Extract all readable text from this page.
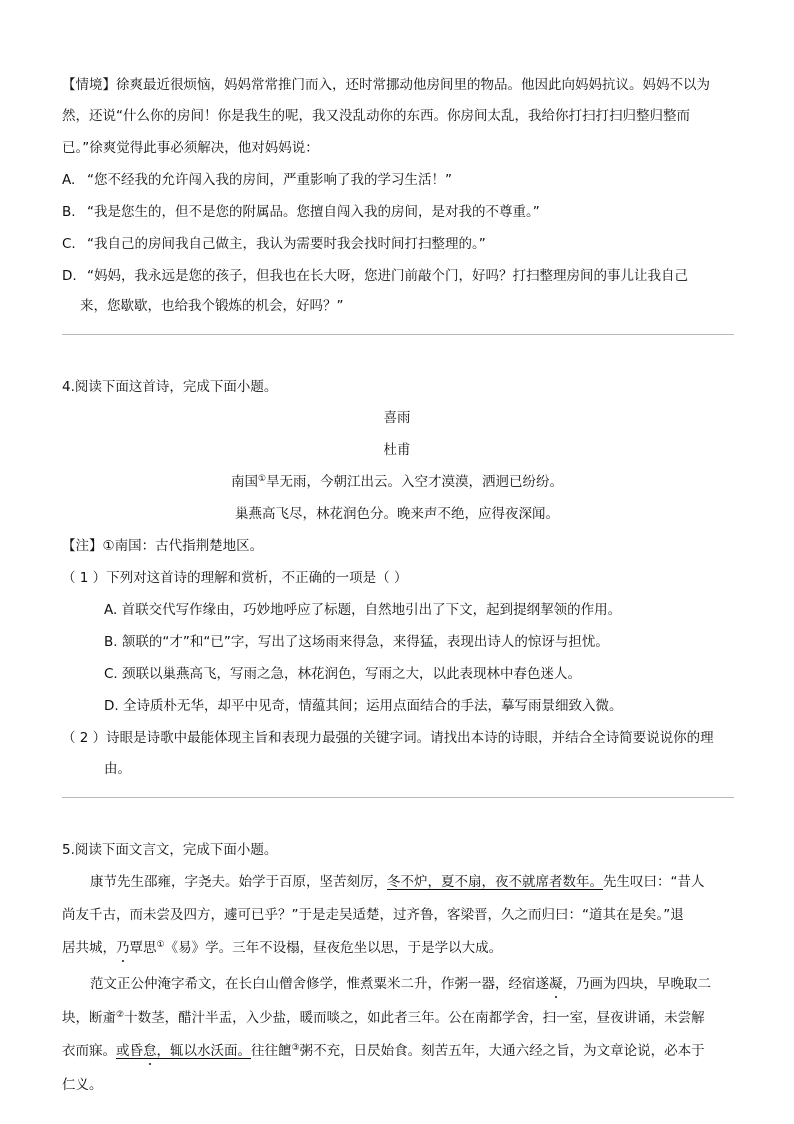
【情境】徐爽最近很烦恼，妈妈常常推门而入，还时常挪动他房间里的物品。他因此向妈妈抗议。妈妈不以为
然，还说“什么你的房间！你是我生的呢，我又没乱动你的东西。你房间太乱，我给你打扫打扫归整归整而
已。”徐爽觉得此事必须解决，他对妈妈说：
A. “您不经我的允许闯入我的房间，严重影响了我的学习生活！”
B. “我是您生的，但不是您的附属品。您擅自闯入我的房间，是对我的不尊重。”
C. “我自己的房间我自己做主，我认为需要时我会找时间打扫整理的。”
D. “妈妈，我永远是您的孩子，但我也在长大呀，您进门前敲个门，好吗？打扫整理房间的事儿让我自己
来，您歇歇，也给我个锻炼的机会，好吗？”
4.阅读下面这首诗，完成下面小题。
喜雨
杜甫
南国①旱无雨，今朝江出云。入空才漠漠，洒迥已纷纷。
巢燕高飞尽，林花润色分。晚来声不绝，应得夜深闻。
【注】①南国：古代指荆楚地区。
（ 1 ）下列对这首诗的理解和赏析，不正确的一项是（ ）
A. 首联交代写作缘由，巧妙地呼应了标题，自然地引出了下文，起到提纲挈领的作用。
B. 颔联的“才”和“已”字，写出了这场雨来得急，来得猛，表现出诗人的惊讶与担忧。
C. 颈联以巢燕高飞，写雨之急，林花润色，写雨之大，以此表现林中春色迷人。
D. 全诗质朴无华，却平中见奇，情蕴其间；运用点面结合的手法，摹写雨景细致入微。
（ 2 ）诗眼是诗歌中最能体现主旨和表现力最强的关键字词。请找出本诗的诗眼，并结合全诗简要说说你的理
由。
5.阅读下面文言文，完成下面小题。
康节先生邵雍，字尧夫。始学于百原，坚苦刻厉，冬不炉，夏不扇，夜不就席者数年。先生叹曰：“昔人
尚友千古，而未尝及四方，遽可已乎？”于是走吴适楚，过齐鲁，客梁晋，久之而归曰：“道其在是矣。”退
居共城，乃覃思①《易》学。三年不设榻，昼夜危坐以思，于是学以大成。
范文正公仲淹字希文，在长白山僧舍修学，惟煮粟米二升，作粥一器，经宿遂凝，乃画为四块，早晚取二
块，断齑②十数茎，醋汁半盂，入少盐，暖而啖之，如此者三年。公在南都学舍，扫一室，昼夜讲诵，未尝解
衣而寐。或昏怠，辄以水沃面。往往饘③粥不充，日昃始食。刻苦五年，大通六经之旨，为文章论说，必本于
仁义。
